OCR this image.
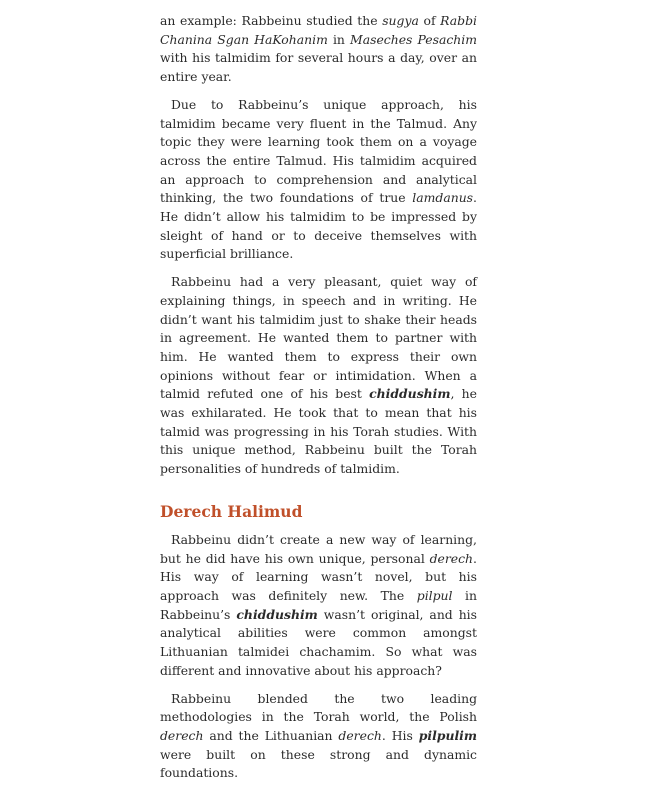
an example: Rabbeinu studied the sugya of Rabbi Chanina Sgan HaKohanim in Maseches Pesachim with his talmidim for several hours a day, over an entire year.

Due to Rabbeinu’s unique approach, his talmidim became very fluent in the Talmud. Any topic they were learning took them on a voyage across the entire Talmud. His talmidim acquired an approach to comprehension and analytical thinking, the two foundations of true lamdanus. He didn’t allow his talmidim to be impressed by sleight of hand or to deceive themselves with superficial brilliance.

Rabbeinu had a very pleasant, quiet way of explaining things, in speech and in writing. He didn’t want his talmidim just to shake their heads in agreement. He wanted them to partner with him. He wanted them to express their own opinions without fear or intimidation. When a talmid refuted one of his best chiddushim, he was exhilarated. He took that to mean that his talmid was progressing in his Torah studies. With this unique method, Rabbeinu built the Torah personalities of hundreds of talmidim.

Derech Halimud

Rabbeinu didn’t create a new way of learning, but he did have his own unique, personal derech. His way of learning wasn’t novel, but his approach was definitely new. The pilpul in Rabbeinu’s chiddushim wasn’t original, and his analytical abilities were common amongst Lithuanian talmidei chachamim. So what was different and innovative about his approach?

Rabbeinu blended the two leading methodologies in the Torah world, the Polish derech and the Lithuanian derech. His pilpulim were built on these strong and dynamic foundations.
